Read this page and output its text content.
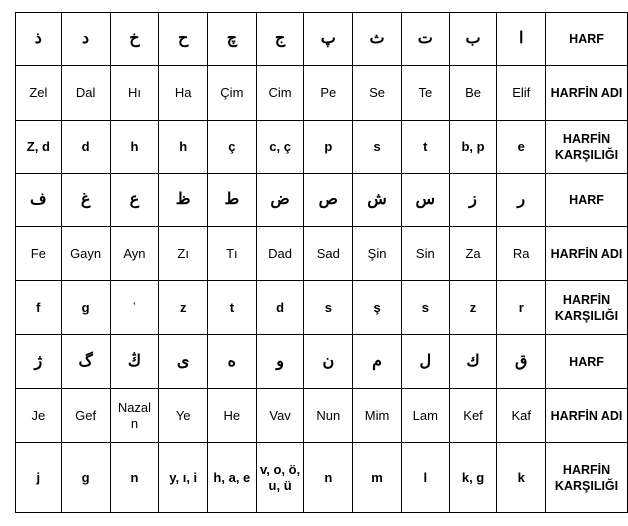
ذ	د	خ	ح	چ	ج	پ	ث	ت	ب	ا	HARF
Zel	Dal	Hı	Ha	Çim	Cim	Pe	Se	Te	Be	Elif	HARFİN ADI
Z, d	d	h	h	ç	c, ç	p	s	t	b, p	e	HARFİN KARŞILIĞI
ف	غ	ع	ظ	ط	ض	ص	ش	س	ز	ر	HARF
Fe	Gayn	Ayn	Zı	Tı	Dad	Sad	Şin	Sin	Za	Ra	HARFİN ADI
f	g	ʿ	z	t	d	s	ş	s	z	r	HARFİN KARŞILIĞI
ژ	گ	ڭ	ى	ه	و	ن	م	ل	ك	ق	HARF
Je	Gef	Nazal n	Ye	He	Vav	Nun	Mim	Lam	Kef	Kaf	HARFİN ADI
j	g	n	y, ı, i	h, a, e	v, o, ö, u, ü	n	m	l	k, g	k	HARFİN KARŞILIĞI
